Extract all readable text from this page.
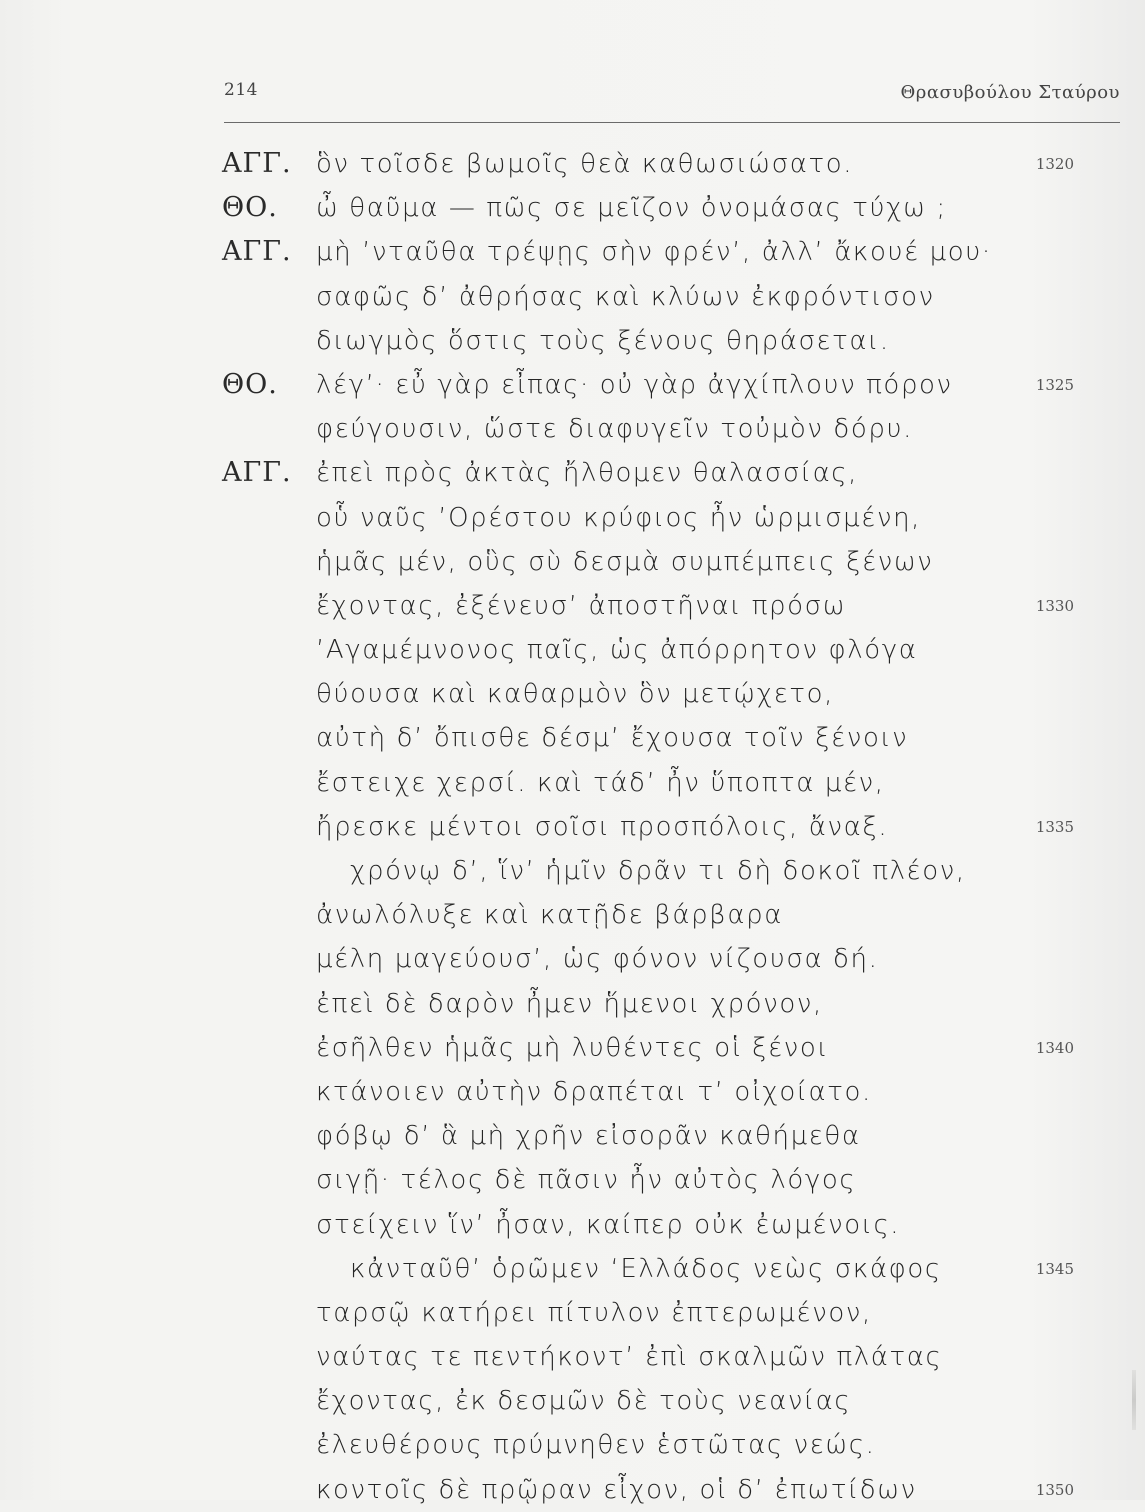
214	Θρασυβούλου Σταύρου
ΑΓΓ. ὃν τοῖσδε βωμοῖς θεὰ καθωσιώσατο.	1320
ΘΟ. ὦ θαῦμα — πῶς σε μεῖζον ὀνομάσας τύχω ;
ΑΓΓ. μὴ ’νταῦθα τρέψῃς σὴν φρέν’, ἀλλ’ ἄκουέ μου·
σαφῶς δ’ ἀθρήσας καὶ κλύων ἐκφρόντισον
διωγμὸς ὅστις τοὺς ξένους θηράσεται.
ΘΟ. λέγ’· εὖ γὰρ εἶπας· οὐ γὰρ ἀγχίπλουν πόρον	1325
φεύγουσιν, ὥστε διαφυγεῖν τοὐμὸν δόρυ.
ΑΓΓ. ἐπεὶ πρὸς ἀκτὰς ἤλθομεν θαλασσίας,
οὗ ναῦς ’Ορέστου κρύφιος ἦν ὡρμισμένη,
ἡμᾶς μέν, οὓς σὺ δεσμὰ συμπέμπεις ξένων
ἔχοντας, ἐξένευσ’ ἀποστῆναι πρόσω	1330
’Αγαμέμνονος παῖς, ὡς ἀπόρρητον φλόγα
θύουσα καὶ καθαρμὸν ὃν μετῴχετο,
αὐτὴ δ’ ὄπισθε δέσμ’ ἔχουσα τοῖν ξένοιν
ἔστειχε χερσί. καὶ τάδ’ ἦν ὕποπτα μέν,
ἤρεσκε μέντοι σοῖσι προσπόλοις, ἄναξ.	1335
χρόνῳ δ’, ἵν’ ἡμῖν δρᾶν τι δὴ δοκοῖ πλέον,
ἀνωλόλυξε καὶ κατῇδε βάρβαρα
μέλη μαγεύουσ’, ὡς φόνον νίζουσα δή.
ἐπεὶ δὲ δαρὸν ἦμεν ἥμενοι χρόνον,
ἐσῆλθεν ἡμᾶς μὴ λυθέντες οἱ ξένοι	1340
κτάνοιεν αὐτὴν δραπέται τ’ οἰχοίατο.
φόβῳ δ’ ἃ μὴ χρῆν εἰσορᾶν καθήμεθα
σιγῇ· τέλος δὲ πᾶσιν ἦν αὐτὸς λόγος
στείχειν ἵν’ ἦσαν, καίπερ οὐκ ἐωμένοις.
κἀνταῦθ’ ὁρῶμεν ‘Ελλάδος νεὼς σκάφος	1345
ταρσῷ κατήρει πίτυλον ἐπτερωμένον,
ναύτας τε πεντήκοντ’ ἐπὶ σκαλμῶν πλάτας
ἔχοντας, ἐκ δεσμῶν δὲ τοὺς νεανίας
ἐλευθέρους πρύμνηθεν ἑστῶτας νεώς.
κοντοῖς δὲ πρῷραν εἶχον, οἱ δ’ ἐπωτίδων	1350
